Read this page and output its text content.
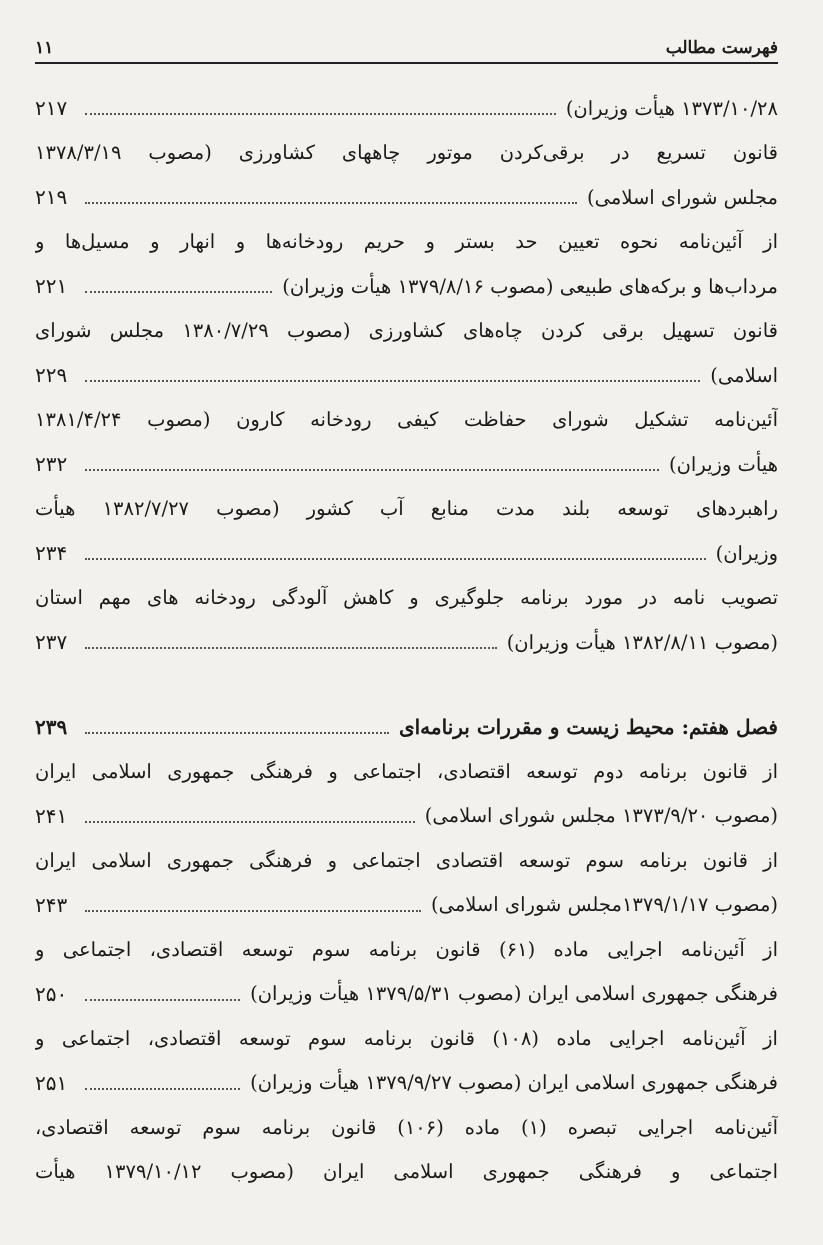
فهرست مطالب
۱۱
۱۳۷۳/۱۰/۲۸ هیأت وزیران)
۲۱۷
قانون تسریع در برقی‌کردن موتور چاههای کشاورزی (مصوب ۱۳۷۸/۳/۱۹
مجلس شورای اسلامی)
۲۱۹
از آئین‌نامه نحوه تعیین حد بستر و حریم رودخانه‌ها و انهار و مسیل‌ها و
مرداب‌ها و برکه‌های طبیعی (مصوب ۱۳۷۹/۸/۱۶ هیأت وزیران)
۲۲۱
قانون تسهیل برقی کردن چاه‌های کشاورزی (مصوب ۱۳۸۰/۷/۲۹ مجلس شورای
اسلامی)
۲۲۹
آئین‌نامه تشکیل شورای حفاظت کیفی رودخانه کارون (مصوب ۱۳۸۱/۴/۲۴
هیأت وزیران)
۲۳۲
راهبردهای توسعه بلند مدت منابع آب کشور (مصوب ۱۳۸۲/۷/۲۷ هیأت
وزیران)
۲۳۴
تصویب نامه در مورد برنامه جلوگیری و کاهش آلودگی رودخانه های مهم استان
(مصوب ۱۳۸۲/۸/۱۱ هیأت وزیران)
۲۳۷
فصل هفتم: محیط زیست و مقررات برنامه‌ای
۲۳۹
از قانون برنامه دوم توسعه اقتصادی، اجتماعی و فرهنگی جمهوری اسلامی ایران
(مصوب ۱۳۷۳/۹/۲۰ مجلس شورای اسلامی)
۲۴۱
از قانون برنامه سوم توسعه اقتصادی اجتماعی و فرهنگی جمهوری اسلامی ایران
(مصوب ۱۳۷۹/۱/۱۷مجلس شورای اسلامی)
۲۴۳
از آئین‌نامه اجرایی ماده (۶۱) قانون برنامه سوم توسعه اقتصادی، اجتماعی و
فرهنگی جمهوری اسلامی ایران (مصوب ۱۳۷۹/۵/۳۱ هیأت وزیران)
۲۵۰
از آئین‌نامه اجرایی ماده (۱۰۸) قانون برنامه سوم توسعه اقتصادی، اجتماعی و
فرهنگی جمهوری اسلامی ایران (مصوب ۱۳۷۹/۹/۲۷ هیأت وزیران)
۲۵۱
آئین‌نامه اجرایی تبصره (۱) ماده (۱۰۶) قانون برنامه سوم توسعه اقتصادی،
اجتماعی و فرهنگی جمهوری اسلامی ایران (مصوب ۱۳۷۹/۱۰/۱۲ هیأت
